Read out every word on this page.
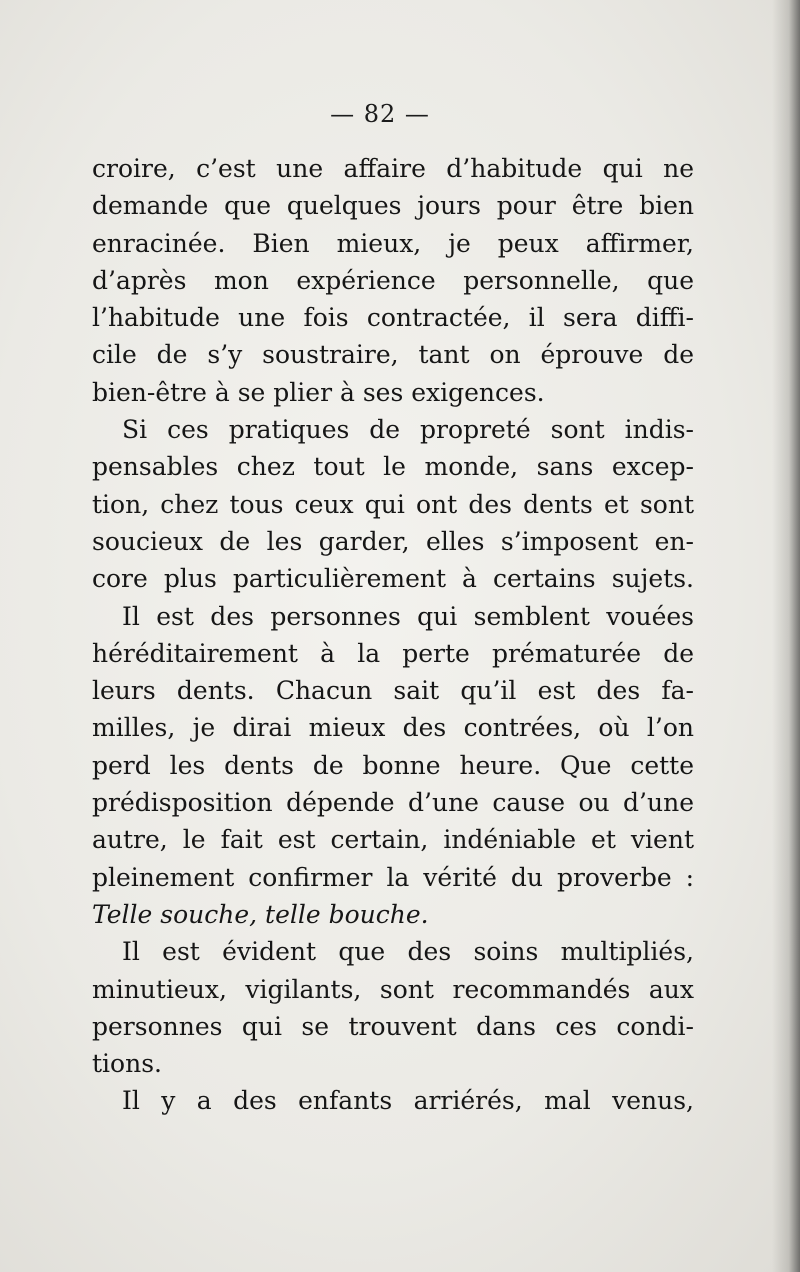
— 82 —
croire, c’est une affaire d’habitude qui ne
demande que quelques jours pour être bien
enracinée. Bien mieux, je peux affirmer,
d’après mon expérience personnelle, que
l’habitude une fois contractée, il sera diffi-
cile de s’y soustraire, tant on éprouve de
bien-être à se plier à ses exigences.
Si ces pratiques de propreté sont indis-
pensables chez tout le monde, sans excep-
tion, chez tous ceux qui ont des dents et sont
soucieux de les garder, elles s’imposent en-
core plus particulièrement à certains sujets.
Il est des personnes qui semblent vouées
héréditairement à la perte prématurée de
leurs dents. Chacun sait qu’il est des fa-
milles, je dirai mieux des contrées, où l’on
perd les dents de bonne heure. Que cette
prédisposition dépende d’une cause ou d’une
autre, le fait est certain, indéniable et vient
pleinement confirmer la vérité du proverbe :
Telle souche, telle bouche.
Il est évident que des soins multipliés,
minutieux, vigilants, sont recommandés aux
personnes qui se trouvent dans ces condi-
tions.
Il y a des enfants arriérés, mal venus,
